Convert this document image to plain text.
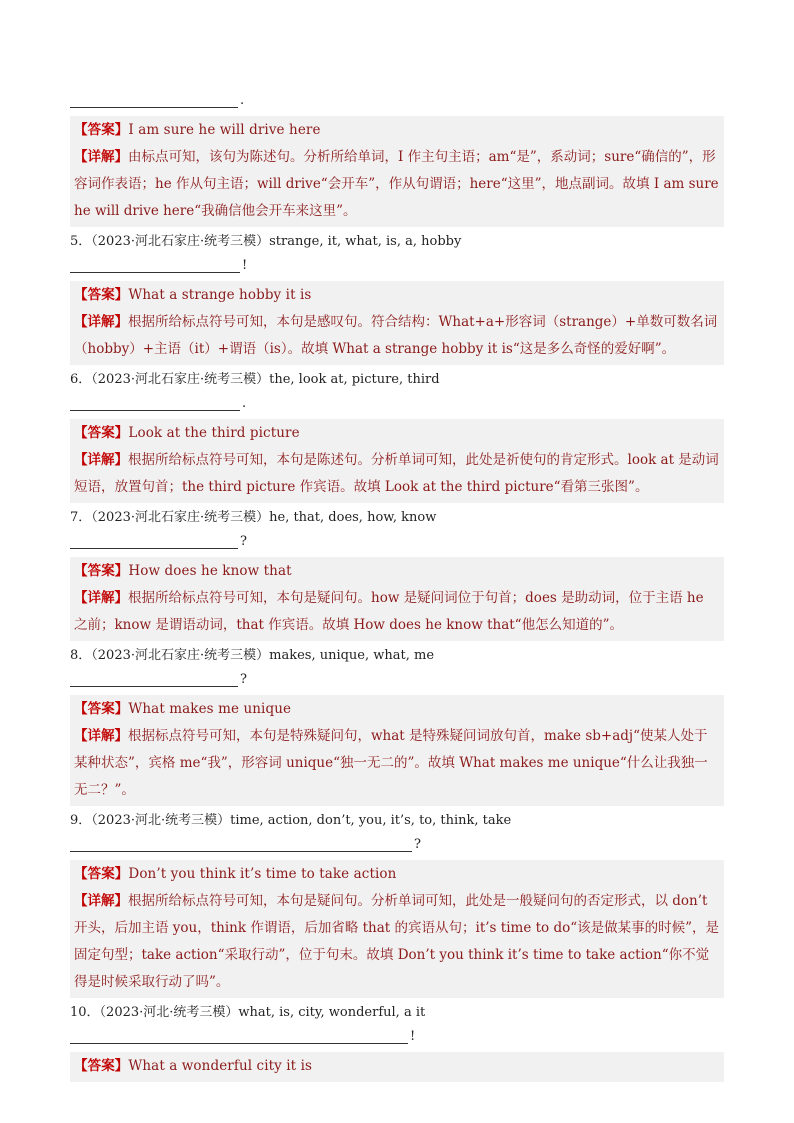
.
【答案】I am sure he will drive here
【详解】由标点可知，该句为陈述句。分析所给单词，I 作主句主语；am“是”，系动词；sure“确信的”，形容词作表语；he 作从句主语；will drive“会开车”，作从句谓语；here“这里”，地点副词。故填 I am sure he will drive here“我确信他会开车来这里”。
5．（2023·河北石家庄·统考三模）strange, it, what, is, a, hobby
!
【答案】What a strange hobby it is
【详解】根据所给标点符号可知，本句是感叹句。符合结构：What+a+形容词（strange）+单数可数名词（hobby）+主语（it）+谓语（is）。故填 What a strange hobby it is“这是多么奇怪的爱好啊”。
6．（2023·河北石家庄·统考三模）the, look at, picture, third
.
【答案】Look at the third picture
【详解】根据所给标点符号可知，本句是陈述句。分析单词可知，此处是祈使句的肯定形式。look at 是动词短语，放置句首；the third picture 作宾语。故填 Look at the third picture“看第三张图”。
7．（2023·河北石家庄·统考三模）he, that, does, how, know
?
【答案】How does he know that
【详解】根据所给标点符号可知，本句是疑问句。how 是疑问词位于句首；does 是助动词，位于主语 he 之前；know 是谓语动词，that 作宾语。故填 How does he know that“他怎么知道的”。
8．（2023·河北石家庄·统考三模）makes, unique, what, me
?
【答案】What makes me unique
【详解】根据标点符号可知，本句是特殊疑问句，what 是特殊疑问词放句首，make sb+adj“使某人处于某种状态”，宾格 me“我”，形容词 unique“独一无二的”。故填 What makes me unique“什么让我独一无二？”。
9．（2023·河北·统考三模）time, action, don’t, you, it’s, to, think, take
?
【答案】Don’t you think it’s time to take action
【详解】根据所给标点符号可知，本句是疑问句。分析单词可知，此处是一般疑问句的否定形式，以 don’t 开头，后加主语 you，think 作谓语，后加省略 that 的宾语从句；it’s time to do“该是做某事的时候”，是固定句型；take action“采取行动”，位于句末。故填 Don’t you think it’s time to take action“你不觉得是时候采取行动了吗”。
10．（2023·河北·统考三模）what, is, city, wonderful, a it
!
【答案】What a wonderful city it is
